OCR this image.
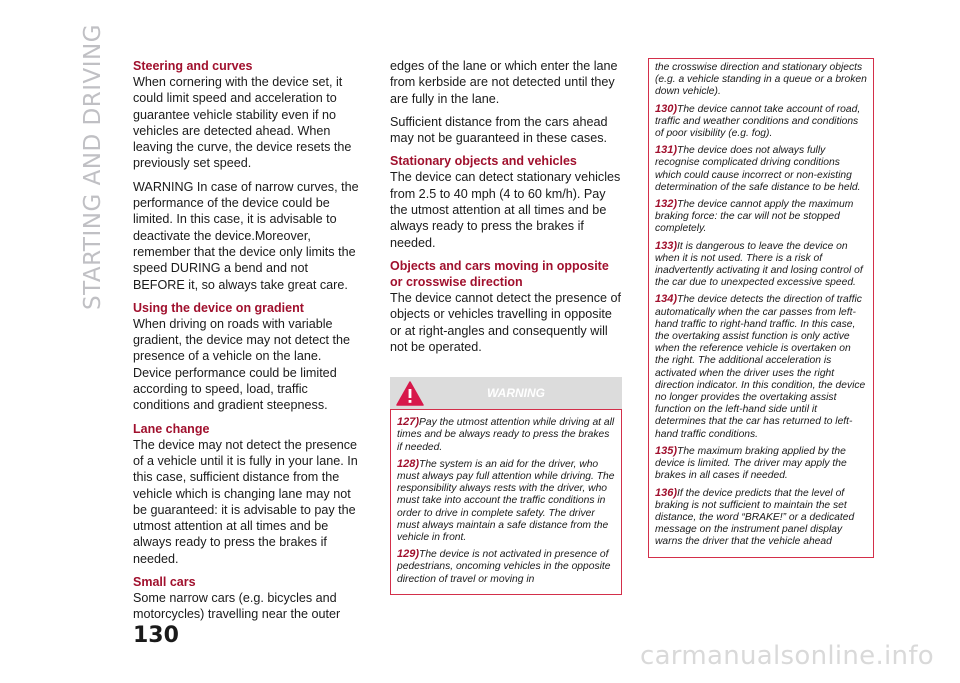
STARTING AND DRIVING Steering and curves

When cornering with the device set, it could limit speed and acceleration to guarantee vehicle stability even if no vehicles are detected ahead. When leaving the curve, the device resets the previously set speed.

WARNING In case of narrow curves, the performance of the device could be limited. In this case, it is advisable to deactivate the device.Moreover, remember that the device only limits the speed DURING a bend and not BEFORE it, so always take great care.

Using the device on gradient

When driving on roads with variable gradient, the device may not detect the presence of a vehicle on the lane. Device performance could be limited according to speed, load, traffic conditions and gradient steepness.

Lane change

The device may not detect the presence of a vehicle until it is fully in your lane. In this case, sufficient distance from the vehicle which is changing lane may not be guaranteed: it is advisable to pay the utmost attention at all times and be always ready to press the brakes if needed.

Small cars

Some narrow cars (e.g. bicycles and motorcycles) travelling near the outer

edges of the lane or which enter the lane from kerbside are not detected until they are fully in the lane.

Sufficient distance from the cars ahead may not be guaranteed in these cases.

Stationary objects and vehicles

The device can detect stationary vehicles from 2.5 to 40 mph (4 to 60 km/h). Pay the utmost attention at all times and be always ready to press the brakes if needed.

Objects and cars moving in opposite or crosswise direction

The device cannot detect the presence of objects or vehicles travelling in opposite or at right-angles and consequently will not be operated.

WARNING

127)Pay the utmost attention while driving at all times and be always ready to press the brakes if needed.

128)The system is an aid for the driver, who must always pay full attention while driving. The responsibility always rests with the driver, who must take into account the traffic conditions in order to drive in complete safety. The driver must always maintain a safe distance from the vehicle in front.

129)The device is not activated in presence of pedestrians, oncoming vehicles in the opposite direction of travel or moving in

the crosswise direction and stationary objects (e.g. a vehicle standing in a queue or a broken down vehicle).

130)The device cannot take account of road, traffic and weather conditions and conditions of poor visibility (e.g. fog).

131)The device does not always fully recognise complicated driving conditions which could cause incorrect or non-existing determination of the safe distance to be held.

132)The device cannot apply the maximum braking force: the car will not be stopped completely.

133)It is dangerous to leave the device on when it is not used. There is a risk of inadvertently activating it and losing control of the car due to unexpected excessive speed.

134)The device detects the direction of traffic automatically when the car passes from left-hand traffic to right-hand traffic. In this case, the overtaking assist function is only active when the reference vehicle is overtaken on the right. The additional acceleration is activated when the driver uses the right direction indicator. In this condition, the device no longer provides the overtaking assist function on the left-hand side until it determines that the car has returned to left-hand traffic conditions.

135)The maximum braking applied by the device is limited. The driver may apply the brakes in all cases if needed.

136)If the device predicts that the level of braking is not sufficient to maintain the set distance, the word “BRAKE!” or a dedicated message on the instrument panel display warns the driver that the vehicle ahead

130
carmanualsonline.info
